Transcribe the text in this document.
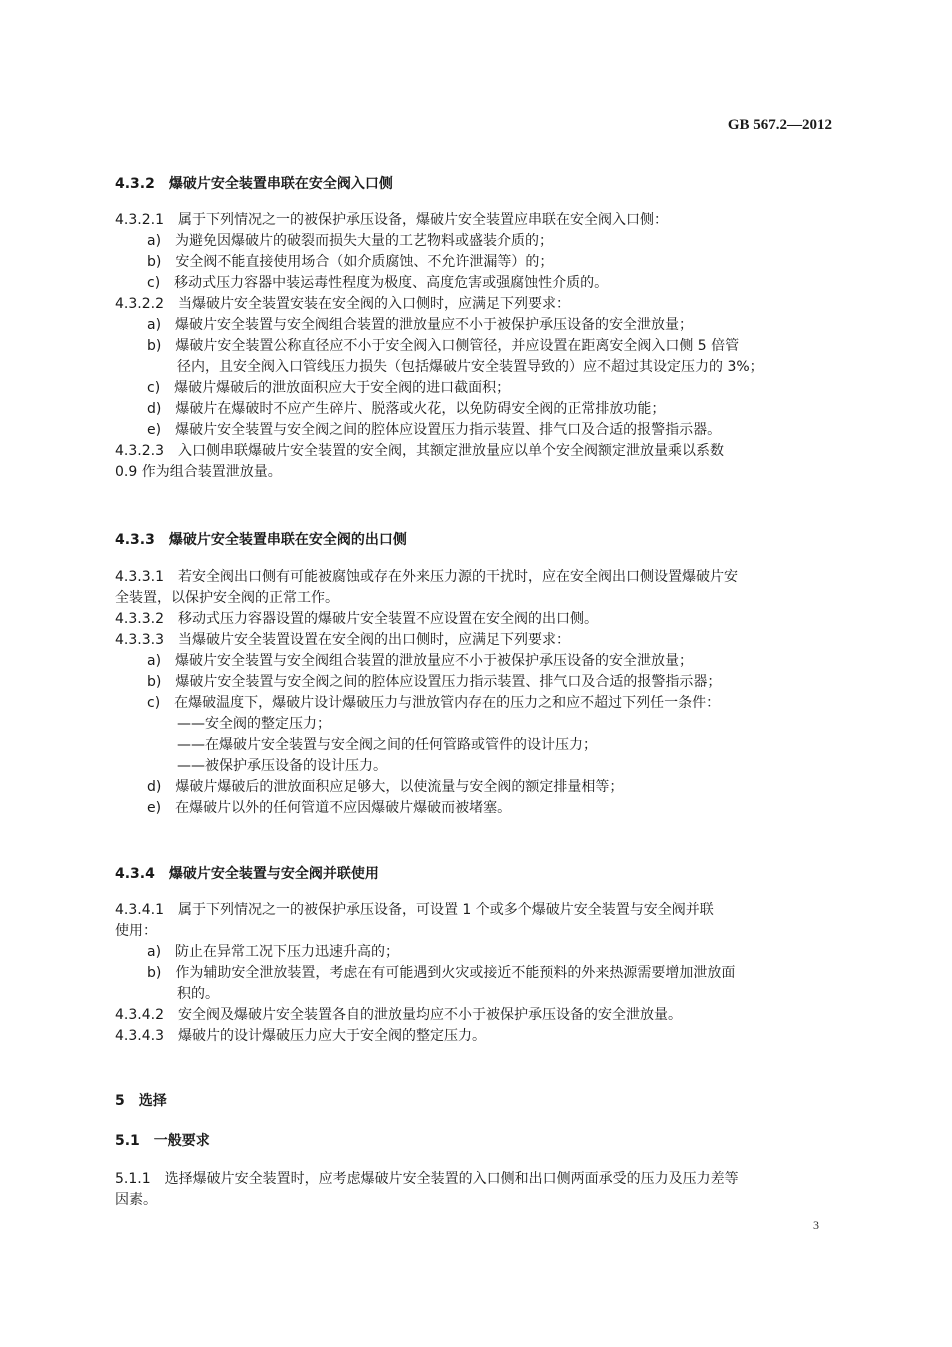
GB 567.2—2012
4.3.2　爆破片安全装置串联在安全阀入口侧
4.3.2.1　属于下列情况之一的被保护承压设备，爆破片安全装置应串联在安全阀入口侧：
a)　为避免因爆破片的破裂而损失大量的工艺物料或盛装介质的；
b)　安全阀不能直接使用场合（如介质腐蚀、不允许泄漏等）的；
c)　移动式压力容器中装运毒性程度为极度、高度危害或强腐蚀性介质的。
4.3.2.2　当爆破片安全装置安装在安全阀的入口侧时，应满足下列要求：
a)　爆破片安全装置与安全阀组合装置的泄放量应不小于被保护承压设备的安全泄放量；
b)　爆破片安全装置公称直径应不小于安全阀入口侧管径，并应设置在距离安全阀入口侧 5 倍管
径内，且安全阀入口管线压力损失（包括爆破片安全装置导致的）应不超过其设定压力的 3%；
c)　爆破片爆破后的泄放面积应大于安全阀的进口截面积；
d)　爆破片在爆破时不应产生碎片、脱落或火花，以免防碍安全阀的正常排放功能；
e)　爆破片安全装置与安全阀之间的腔体应设置压力指示装置、排气口及合适的报警指示器。
4.3.2.3　入口侧串联爆破片安全装置的安全阀，其额定泄放量应以单个安全阀额定泄放量乘以系数
0.9 作为组合装置泄放量。
4.3.3　爆破片安全装置串联在安全阀的出口侧
4.3.3.1　若安全阀出口侧有可能被腐蚀或存在外来压力源的干扰时，应在安全阀出口侧设置爆破片安
全装置，以保护安全阀的正常工作。
4.3.3.2　移动式压力容器设置的爆破片安全装置不应设置在安全阀的出口侧。
4.3.3.3　当爆破片安全装置设置在安全阀的出口侧时，应满足下列要求：
a)　爆破片安全装置与安全阀组合装置的泄放量应不小于被保护承压设备的安全泄放量；
b)　爆破片安全装置与安全阀之间的腔体应设置压力指示装置、排气口及合适的报警指示器；
c)　在爆破温度下，爆破片设计爆破压力与泄放管内存在的压力之和应不超过下列任一条件：
——安全阀的整定压力；
——在爆破片安全装置与安全阀之间的任何管路或管件的设计压力；
——被保护承压设备的设计压力。
d)　爆破片爆破后的泄放面积应足够大，以使流量与安全阀的额定排量相等；
e)　在爆破片以外的任何管道不应因爆破片爆破而被堵塞。
4.3.4　爆破片安全装置与安全阀并联使用
4.3.4.1　属于下列情况之一的被保护承压设备，可设置 1 个或多个爆破片安全装置与安全阀并联
使用：
a)　防止在异常工况下压力迅速升高的；
b)　作为辅助安全泄放装置，考虑在有可能遇到火灾或接近不能预料的外来热源需要增加泄放面
积的。
4.3.4.2　安全阀及爆破片安全装置各自的泄放量均应不小于被保护承压设备的安全泄放量。
4.3.4.3　爆破片的设计爆破压力应大于安全阀的整定压力。
5　选择
5.1　一般要求
5.1.1　选择爆破片安全装置时，应考虑爆破片安全装置的入口侧和出口侧两面承受的压力及压力差等
因素。
3
